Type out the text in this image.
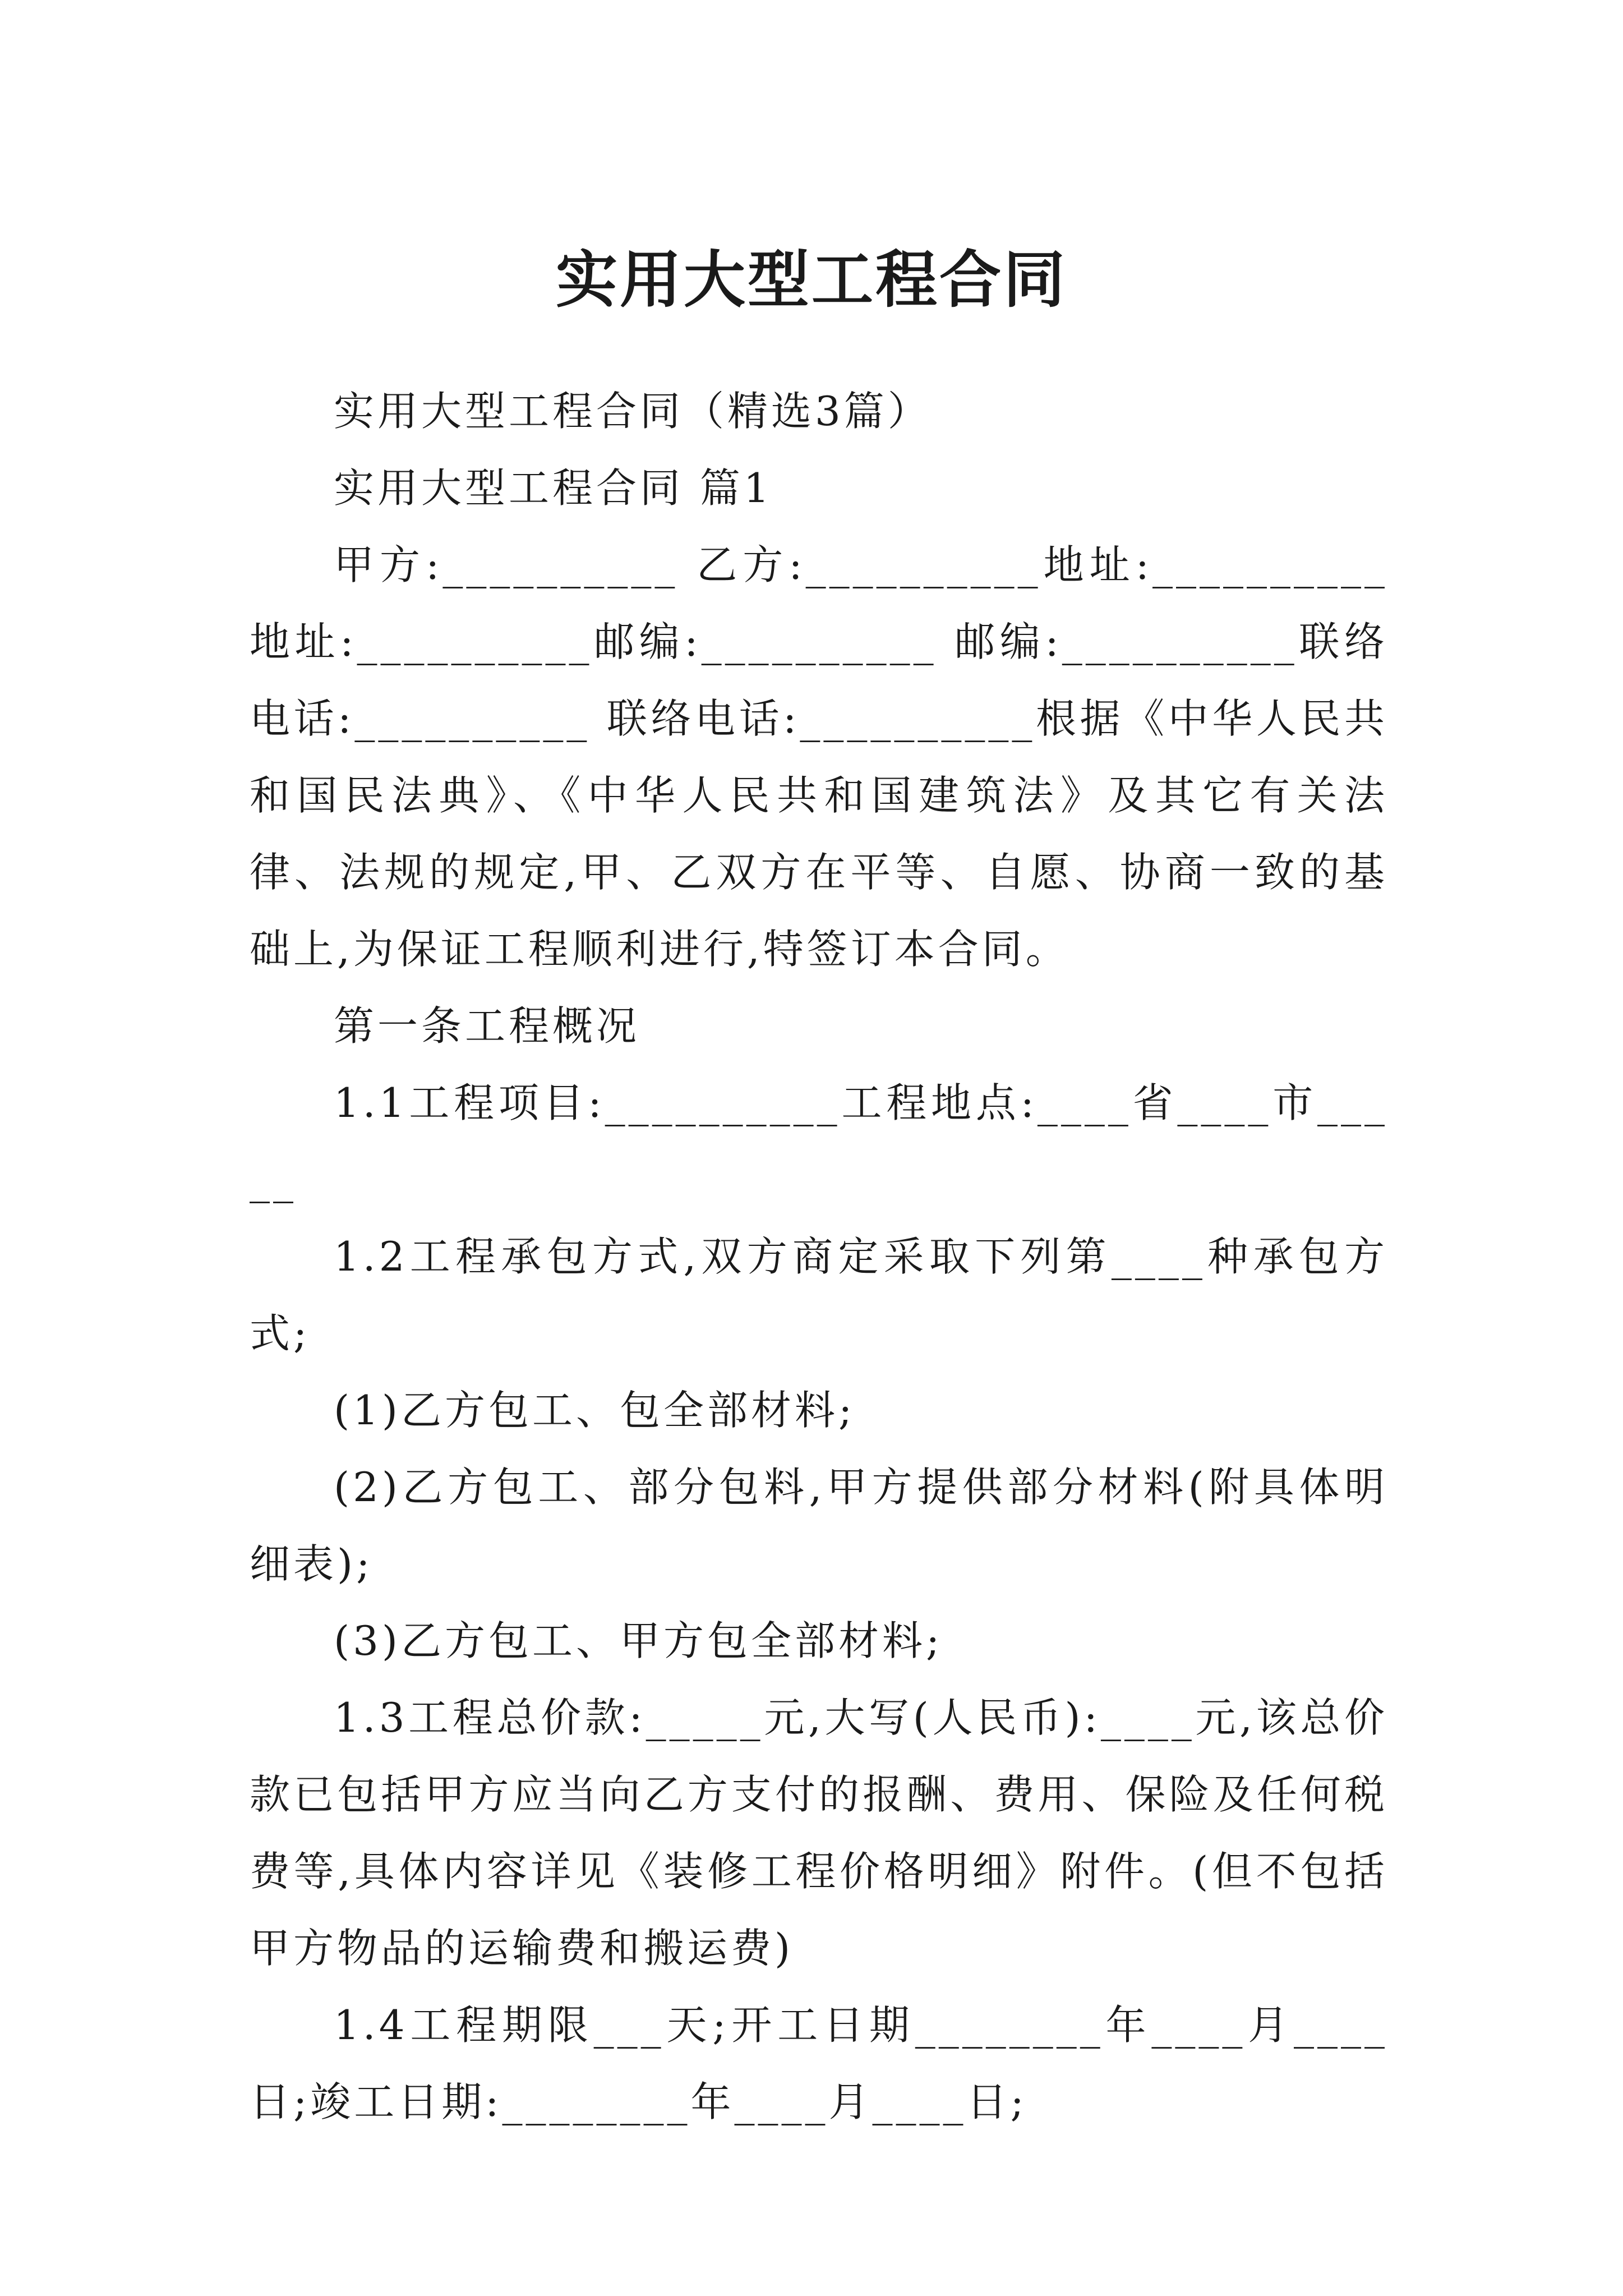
实用大型工程合同

实用大型工程合同（精选3篇）

实用大型工程合同 篇1

甲方:__________ 乙方:__________地址:__________地址:__________邮编:__________ 邮编:__________联络电话:__________ 联络电话:__________根据《中华人民共和国民法典》、《中华人民共和国建筑法》及其它有关法律、法规的规定,甲、乙双方在平等、自愿、协商一致的基础上,为保证工程顺利进行,特签订本合同。

第一条工程概况

1.1工程项目:__________工程地点:____省____市_____

1.2工程承包方式,双方商定采取下列第____种承包方式;

(1)乙方包工、包全部材料;

(2)乙方包工、部分包料,甲方提供部分材料(附具体明细表);

(3)乙方包工、甲方包全部材料;

1.3工程总价款:_____元,大写(人民币):____元,该总价款已包括甲方应当向乙方支付的报酬、费用、保险及任何税费等,具体内容详见《装修工程价格明细》附件。(但不包括甲方物品的运输费和搬运费)

1.4工程期限___天;开工日期________年____月____日;竣工日期:________年____月____日;
